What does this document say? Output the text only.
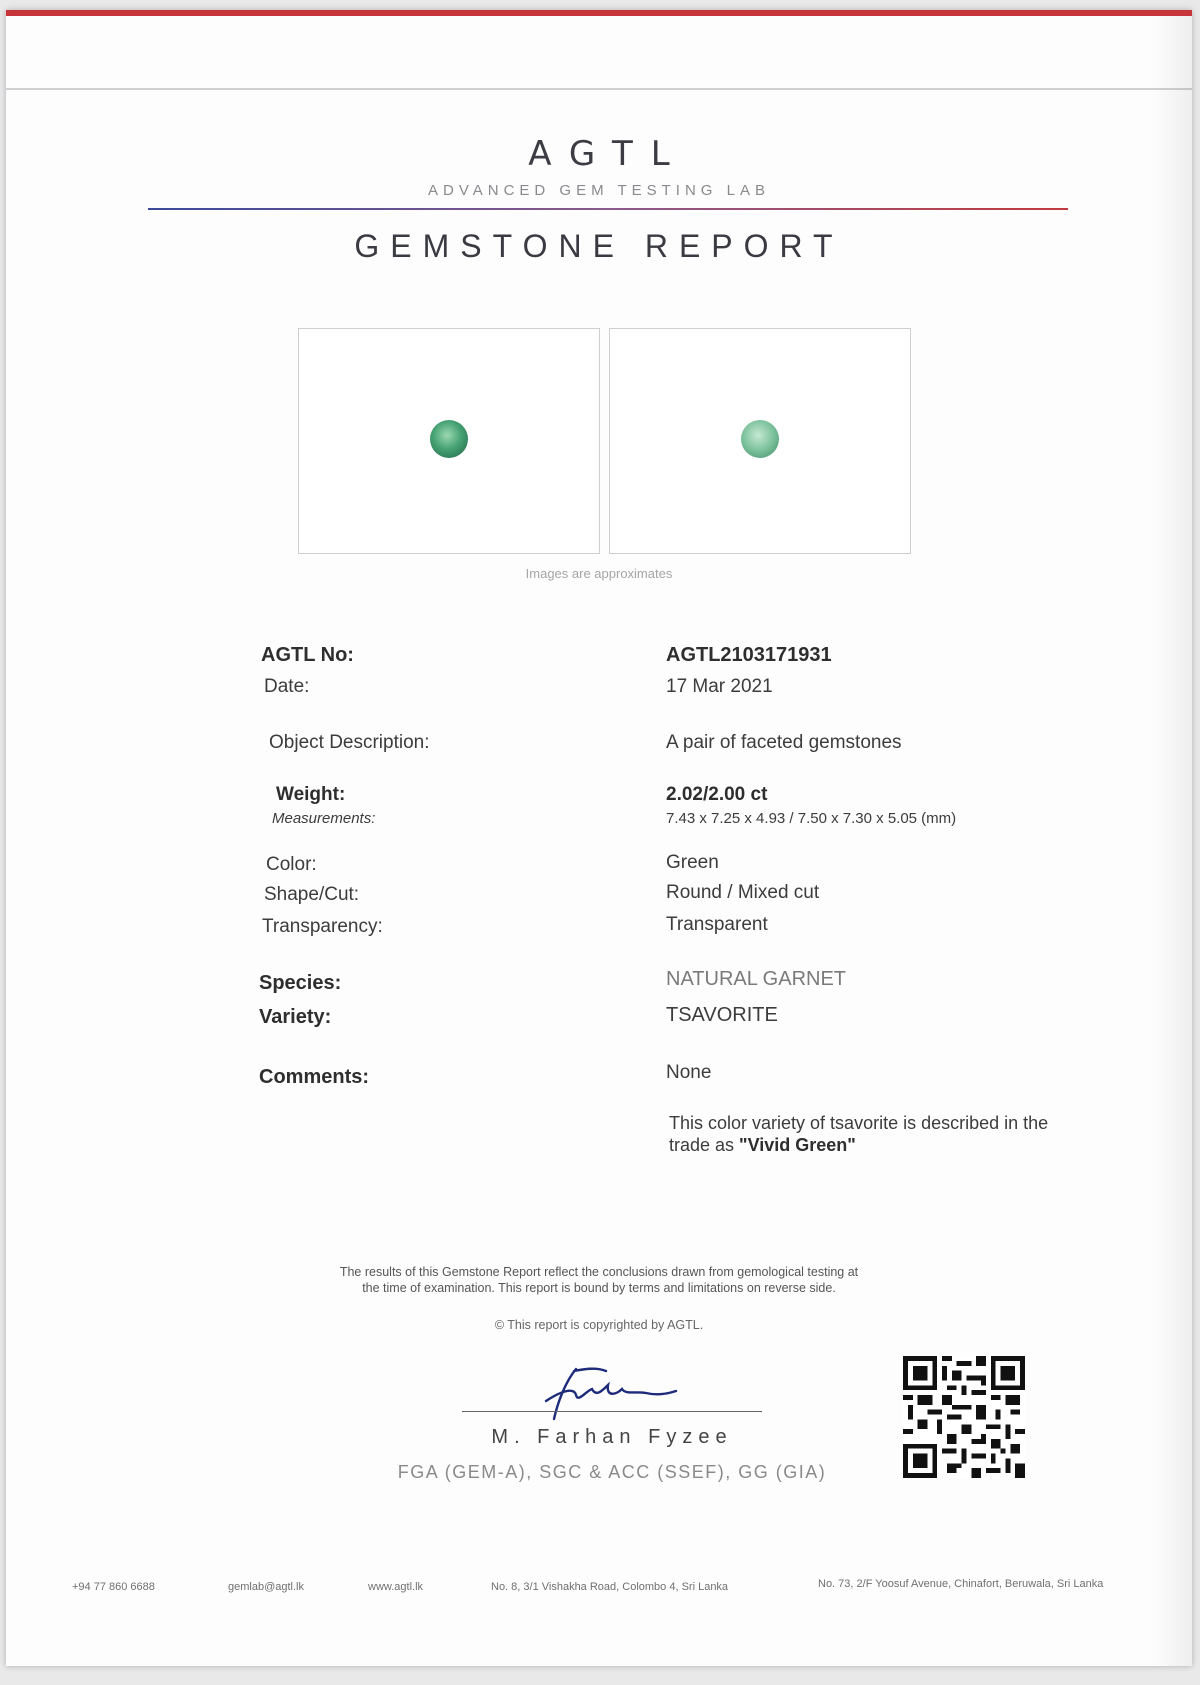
AGTL
ADVANCED GEM TESTING LAB
GEMSTONE REPORT
Images are approximates
AGTL No:	AGTL2103171931
Date:	17 Mar 2021
Object Description:	A pair of faceted gemstones
Weight:	2.02/2.00 ct
Measurements:	7.43 x 7.25 x 4.93 / 7.50 x 7.30 x 5.05 (mm)
Color:	Green
Shape/Cut:	Round / Mixed cut
Transparency:	Transparent
Species:	NATURAL GARNET
Variety:	TSAVORITE
Comments:	None
This color variety of tsavorite is described in the
trade as "Vivid Green"
The results of this Gemstone Report reflect the conclusions drawn from gemological testing at
the time of examination. This report is bound by terms and limitations on reverse side.
© This report is copyrighted by AGTL.
M. Farhan Fyzee
FGA (GEM-A), SGC & ACC (SSEF), GG (GIA)
+94 77 860 6688	gemlab@agtl.lk	www.agtl.lk	No. 8, 3/1 Vishakha Road, Colombo 4, Sri Lanka	No. 73, 2/F Yoosuf Avenue, Chinafort, Beruwala, Sri Lanka
